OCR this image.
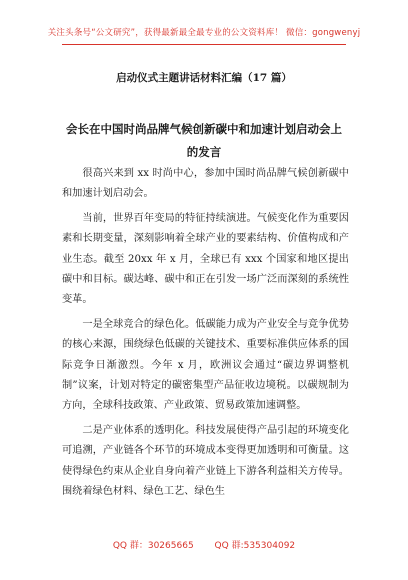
关注头条号“公文研究”，获得最新最全最专业的公文资料库！ 微信：gongwenyj
启动仪式主题讲话材料汇编（17 篇）
会长在中国时尚品牌气候创新碳中和加速计划启动会上的发言

很高兴来到 xx 时尚中心，参加中国时尚品牌气候创新碳中和加速计划启动会。

当前，世界百年变局的特征持续演进。气候变化作为重要因素和长期变量，深刻影响着全球产业的要素结构、价值构成和产业生态。截至 20xx 年 x 月，全球已有 xxx 个国家和地区提出碳中和目标。碳达峰、碳中和正在引发一场广泛而深刻的系统性变革。

一是全球竞合的绿色化。低碳能力成为产业安全与竞争优势的核心来源，围绕绿色低碳的关键技术、重要标准供应体系的国际竞争日渐激烈。今年 x 月，欧洲议会通过“碳边界调整机制”议案，计划对特定的碳密集型产品征收边境税。以碳规制为方向，全球科技政策、产业政策、贸易政策加速调整。

二是产业体系的透明化。科技发展使得产品引起的环境变化可追溯，产业链各个环节的环境成本变得更加透明和可衡量。这使得绿色约束从企业自身向着产业链上下游各利益相关方传导。围绕着绿色材料、绿色工艺、绿色生

QQ 群：30265665 QQ 群:535304092
